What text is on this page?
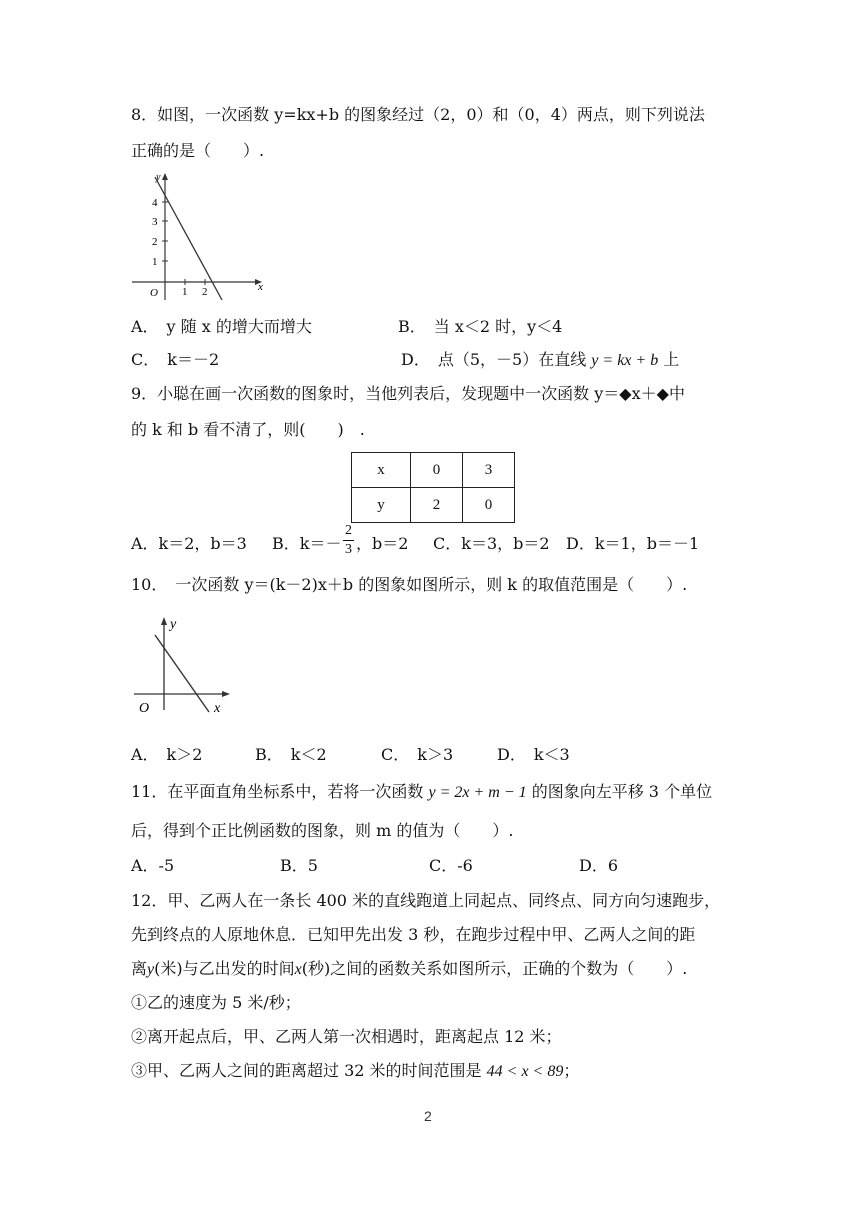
8．如图，一次函数 y=kx+b 的图象经过（2，0）和（0，4）两点，则下列说法
正确的是（　　）.
4
3
2
1
1 2
O	x
y
A．　y 随 x 的增大而增大	B．　当 x＜2 时，y＜4
C．　k＝－2	D．　点（5，－5）在直线 y = kx + b 上
9．小聪在画一次函数的图象时，当他列表后，发现题中一次函数 y＝◆x＋◆中
的 k 和 b 看不清了，则(　　)　.
x	0	3
y	2	0
A．k＝2，b＝3 B．k＝－
2
3 ，b＝2 C．k＝3，b＝2 D．k＝1，b＝－1
10．　一次函数 y＝(k－2)x＋b 的图象如图所示，则 k 的取值范围是（　　）.
O	x
y
A．　k＞2	B．　k＜2	C．　k＞3	D．　k＜3
11．在平面直角坐标系中，若将一次函数 y = 2x + m − 1 的图象向左平移 3 个单位
后，得到个正比例函数的图象，则 m 的值为（　　）.
A．-5	B．5	C．-6	D．6
12．甲、乙两人在一条长 400 米的直线跑道上同起点、同终点、同方向匀速跑步，
先到终点的人原地休息．已知甲先出发 3 秒，在跑步过程中甲、乙两人之间的距
离y(米)与乙出发的时间x(秒)之间的函数关系如图所示，正确的个数为（　　）.
①乙的速度为 5 米/秒；
②离开起点后，甲、乙两人第一次相遇时，距离起点 12 米；
③甲、乙两人之间的距离超过 32 米的时间范围是 44 < x < 89；
2
